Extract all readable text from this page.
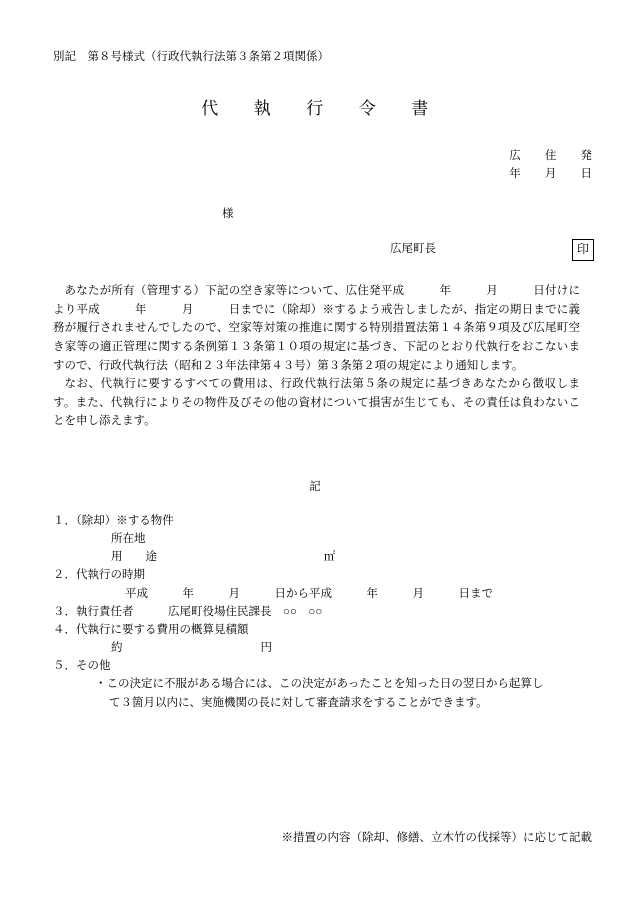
別記　第８号様式（行政代執行法第３条第２項関係）
代　　執　　行　　令　　書
広 住 発
年 月 日
様
広尾町長	印

あなたが所有（管理する）下記の空き家等について、広住発平成　　　年　　　月　　　日付けにより平成　　　年　　　月　　　日までに（除却）※するよう戒告しましたが、指定の期日までに義務が履行されませんでしたので、空家等対策の推進に関する特別措置法第１４条第９項及び広尾町空き家等の適正管理に関する条例第１３条第１０項の規定に基づき、下記のとおり代執行をおこないますので、行政代執行法（昭和２３年法律第４３号）第３条第２項の規定により通知します。

なお、代執行に要するすべての費用は、行政代執行法第５条の規定に基づきあなたから徴収します。また、代執行によりその物件及びその他の資材について損害が生じても、その責任は負わないことを申し添えます。

記
１．（除却）※する物件
所在地
用　　途	㎡
２．代執行の時期
平成　　　年　　　月　　　日から平成　　　年　　　月　　　日まで
３．執行責任者　　　広尾町役場住民課長　○○　○○
４．代執行に要する費用の概算見積額
約　　　　　　　　　　　　円
５．その他
・この決定に不服がある場合には、この決定があったことを知った日の翌日から起算し
て３箇月以内に、実施機関の長に対して審査請求をすることができます。
※措置の内容（除却、修繕、立木竹の伐採等）に応じて記載
